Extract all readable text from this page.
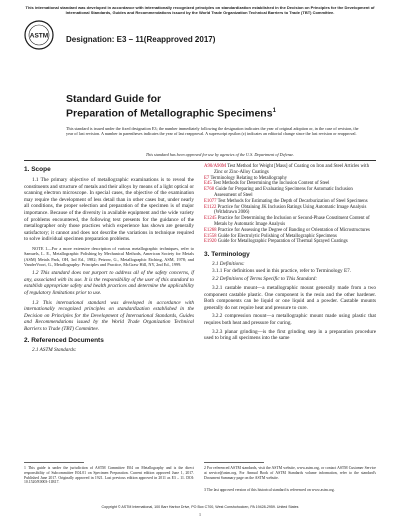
This international standard was developed in accordance with internationally recognized principles on standardization established in the Decision on Principles for the Development of International Standards, Guides and Recommendations issued by the World Trade Organization Technical Barriers to Trade (TBT) Committee.
ASTM Designation: E3 – 11(Reapproved 2017)
Standard Guide for
Preparation of Metallographic Specimens$^1$
This standard is issued under the fixed designation E3; the number immediately following the designation indicates the year of original adoption or, in the case of revision, the year of last revision. A number in parentheses indicates the year of last reapproval. A superscript epsilon (ε) indicates an editorial change since the last revision or reapproval.
This standard has been approved for use by agencies of the U.S. Department of Defense.
1. Scope
1.1 The primary objective of metallographic examinations is to reveal the constituents and structure of metals and their alloys by means of a light optical or scanning electron microscope. In special cases, the objective of the examination may require the development of less detail than in other cases but, under nearly all conditions, the proper selection and preparation of the specimen is of major importance. Because of the diversity in available equipment and the wide variety of problems encountered, the following text presents for the guidance of the metallographer only those practices which experience has shown are generally satisfactory; it cannot and does not describe the variations in technique required to solve individual specimen preparation problems.
NOTE 1—For a more extensive description of various metallographic techniques, refer to Samuels, L. E., Metallographic Polishing by Mechanical Methods, American Society for Metals (ASM) Metals Park, OH, 3rd Ed., 1982; Petzow, G., Metallographic Etching, ASM, 1978; and VanderVoort, G., Metallography: Principles and Practice, McGraw Hill, NY, 2nd Ed., 1999.
1.2 This standard does not purport to address all of the safety concerns, if any, associated with its use. It is the responsibility of the user of this standard to establish appropriate safety and health practices and determine the applicability of regulatory limitations prior to use.
1.3 This international standard was developed in accordance with internationally recognized principles on standardization established in the Decision on Principles for the Development of International Standards, Guides and Recommendations issued by the World Trade Organization Technical Barriers to Trade (TBT) Committee.
2. Referenced Documents
2.1 ASTM Standards:
1 This guide is under the jurisdiction of ASTM Committee E04 on Metallography and is the direct responsibility of Subcommittee E04.01 on Specimen Preparation. Current edition approved June 1, 2017. Published June 2017. Originally approved in 1921. Last previous edition approved in 2011 as E3 – 11. DOI: 10.1520/E0003-11R17.
A90/A90M Test Method for Weight [Mass] of Coating on Iron and Steel Articles with Zinc or Zinc-Alloy Coatings
E7 Terminology Relating to Metallography
E45 Test Methods for Determining the Inclusion Content of Steel
E768 Guide for Preparing and Evaluating Specimens for Automatic Inclusion Assessment of Steel
E1077 Test Methods for Estimating the Depth of Decarburization of Steel Specimens
E1122 Practice for Obtaining JK Inclusion Ratings Using Automatic Image Analysis (Withdrawn 2006)
E1245 Practice for Determining the Inclusion or Second-Phase Constituent Content of Metals by Automatic Image Analysis
E1268 Practice for Assessing the Degree of Banding or Orientation of Microstructures
E1558 Guide for Electrolytic Polishing of Metallographic Specimens
E1920 Guide for Metallographic Preparation of Thermal Sprayed Coatings
3. Terminology
3.1 Definitions:
3.1.1 For definitions used in this practice, refer to Terminology E7.
3.2 Definitions of Terms Specific to This Standard:
3.2.1 castable mount—a metallographic mount generally made from a two component castable plastic. One component is the resin and the other hardener. Both components can be liquid or one liquid and a powder. Castable mounts generally do not require heat and pressure to cure.
3.2.2 compression mount—a metallographic mount made using plastic that requires both heat and pressure for curing.
3.2.3 planar grinding—is the first grinding step in a preparation procedure used to bring all specimens into the same
2 For referenced ASTM standards, visit the ASTM website, www.astm.org, or contact ASTM Customer Service at service@astm.org. For Annual Book of ASTM Standards volume information, refer to the standard's Document Summary page on the ASTM website.
3 The last approved version of this historical standard is referenced on www.astm.org.
Copyright © ASTM International, 100 Barr Harbor Drive, PO Box C700, West Conshohocken, PA 19428-2959. United States
1
